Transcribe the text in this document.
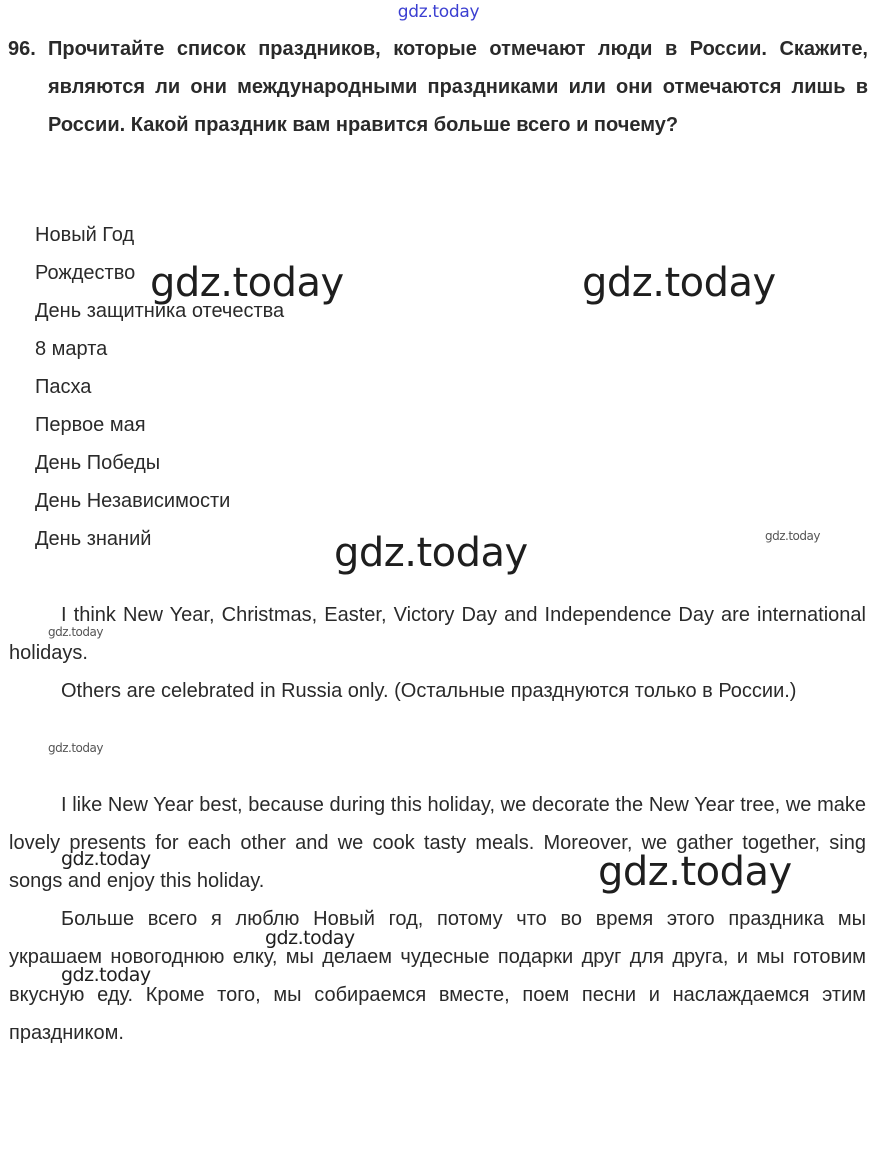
gdz.today
96. Прочитайте список праздников, которые отмечают люди в России. Скажите, являются ли они международными праздниками или они отмечаются лишь в России. Какой праздник вам нравится больше всего и почему?
Новый Год
Рождество
День защитника отечества
8 марта
Пасха
Первое мая
День Победы
День Независимости
День знаний

I think New Year, Christmas, Easter, Victory Day and Independence Day are international holidays.

Others are celebrated in Russia only. (Остальные празднуются только в России.)

I like New Year best, because during this holiday, we decorate the New Year tree, we make lovely presents for each other and we cook tasty meals. Moreover, we gather together, sing songs and enjoy this holiday.

Больше всего я люблю Новый год, потому что во время этого праздника мы украшаем новогоднюю елку, мы делаем чудесные подарки друг для друга, и мы готовим вкусную еду. Кроме того, мы собираемся вместе, поем песни и наслаждаемся этим праздником.

gdz.today	gdz.today
gdz.today
gdz.today
gdz.today
gdz.today
gdz.today
gdz.today
gdz.today
gdz.today
